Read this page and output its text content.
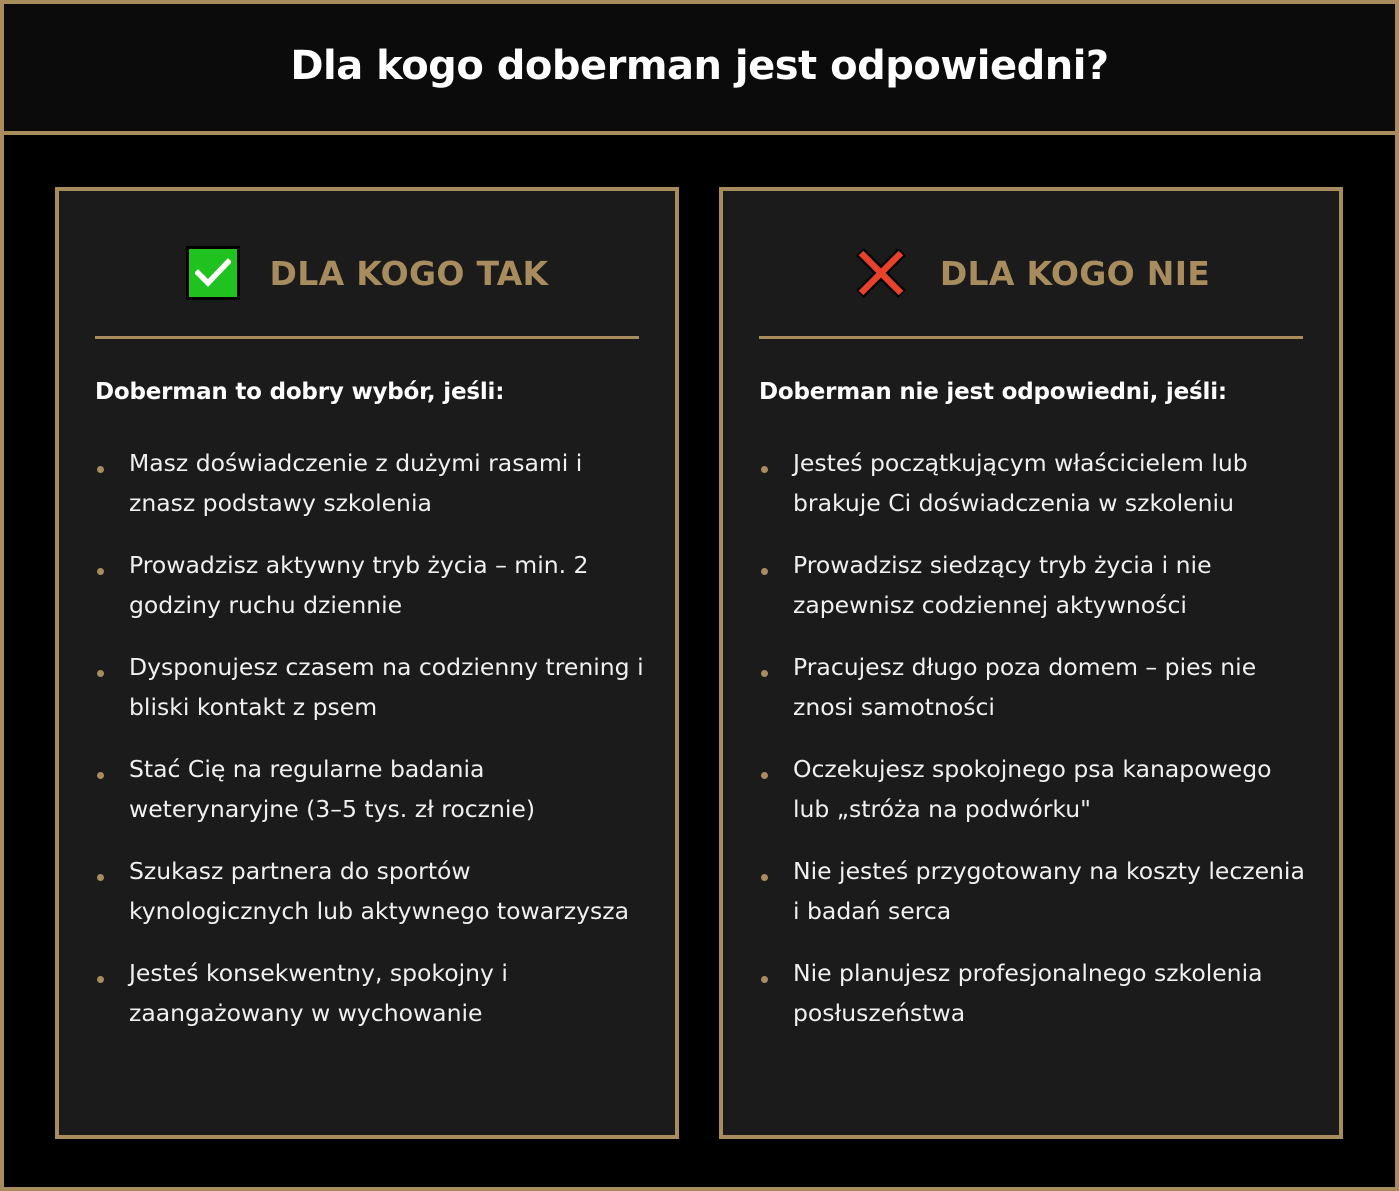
Dla kogo doberman jest odpowiedni?
DLA KOGO TAK
Doberman to dobry wybór, jeśli:
Masz doświadczenie z dużymi rasami i znasz podstawy szkolenia
Prowadzisz aktywny tryb życia – min. 2 godziny ruchu dziennie
Dysponujesz czasem na codzienny trening i bliski kontakt z psem
Stać Cię na regularne badania weterynaryjne (3–5 tys. zł rocznie)
Szukasz partnera do sportów kynologicznych lub aktywnego towarzysza
Jesteś konsekwentny, spokojny i zaangażowany w wychowanie
DLA KOGO NIE
Doberman nie jest odpowiedni, jeśli:
Jesteś początkującym właścicielem lub brakuje Ci doświadczenia w szkoleniu
Prowadzisz siedzący tryb życia i nie zapewnisz codziennej aktywności
Pracujesz długo poza domem – pies nie znosi samotności
Oczekujesz spokojnego psa kanapowego lub „stróża na podwórku"
Nie jesteś przygotowany na koszty leczenia i badań serca
Nie planujesz profesjonalnego szkolenia posłuszeństwa
